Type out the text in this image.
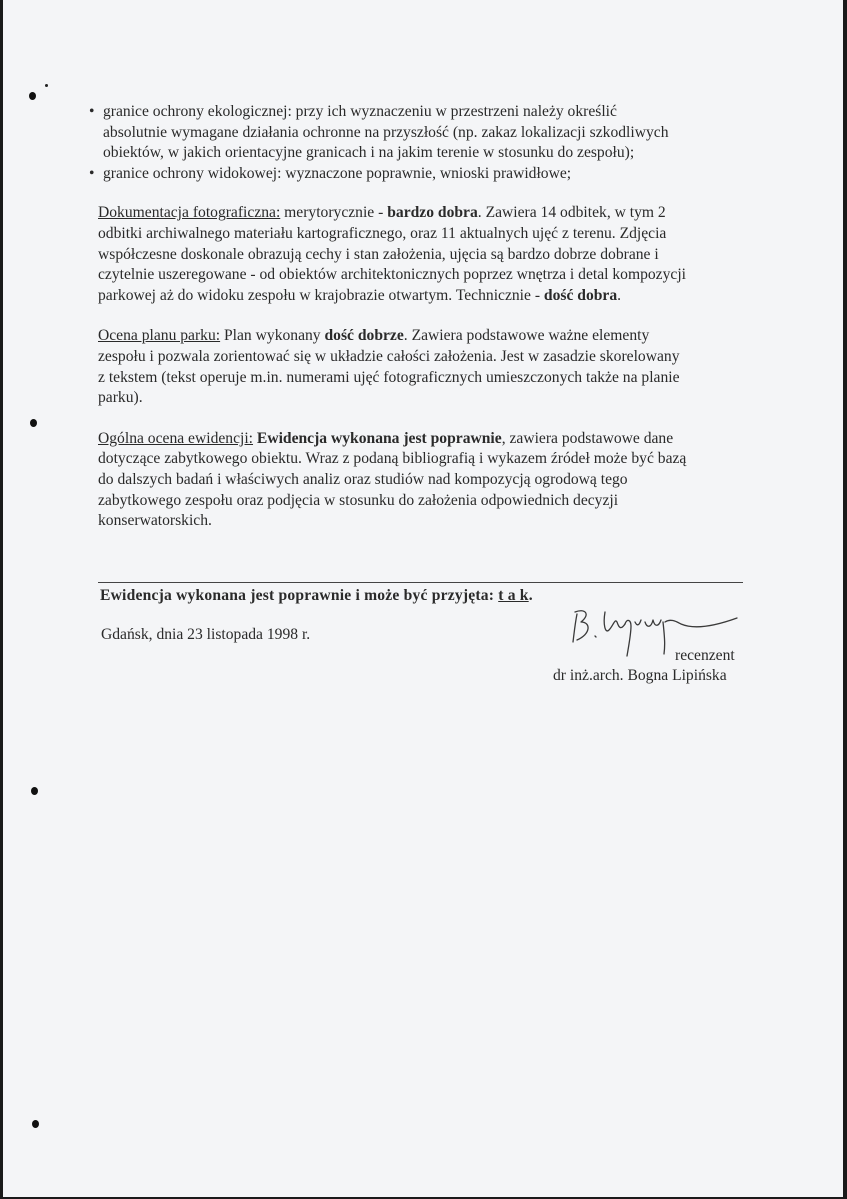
• granice ochrony ekologicznej: przy ich wyznaczeniu w przestrzeni należy określić
absolutnie wymagane działania ochronne na przyszłość (np. zakaz lokalizacji szkodliwych
obiektów, w jakich orientacyjne granicach i na jakim terenie w stosunku do zespołu);
• granice ochrony widokowej: wyznaczone poprawnie, wnioski prawidłowe;
Dokumentacja fotograficzna: merytorycznie - bardzo dobra. Zawiera 14 odbitek, w tym 2
odbitki archiwalnego materiału kartograficznego, oraz 11 aktualnych ujęć z terenu. Zdjęcia
współczesne doskonale obrazują cechy i stan założenia, ujęcia są bardzo dobrze dobrane i
czytelnie uszeregowane - od obiektów architektonicznych poprzez wnętrza i detal kompozycji
parkowej aż do widoku zespołu w krajobrazie otwartym. Technicznie - dość dobra.
Ocena planu parku: Plan wykonany dość dobrze. Zawiera podstawowe ważne elementy
zespołu i pozwala zorientować się w układzie całości założenia. Jest w zasadzie skorelowany
z tekstem (tekst operuje m.in. numerami ujęć fotograficznych umieszczonych także na planie
parku).
Ogólna ocena ewidencji: Ewidencja wykonana jest poprawnie, zawiera podstawowe dane
dotyczące zabytkowego obiektu. Wraz z podaną bibliografią i wykazem źródeł może być bazą
do dalszych badań i właściwych analiz oraz studiów nad kompozycją ogrodową tego
zabytkowego zespołu oraz podjęcia w stosunku do założenia odpowiednich decyzji
konserwatorskich.
Ewidencja wykonana jest poprawnie i może być przyjęta: t a k.
Gdańsk, dnia 23 listopada 1998 r.
recenzent
dr inż.arch. Bogna Lipińska
